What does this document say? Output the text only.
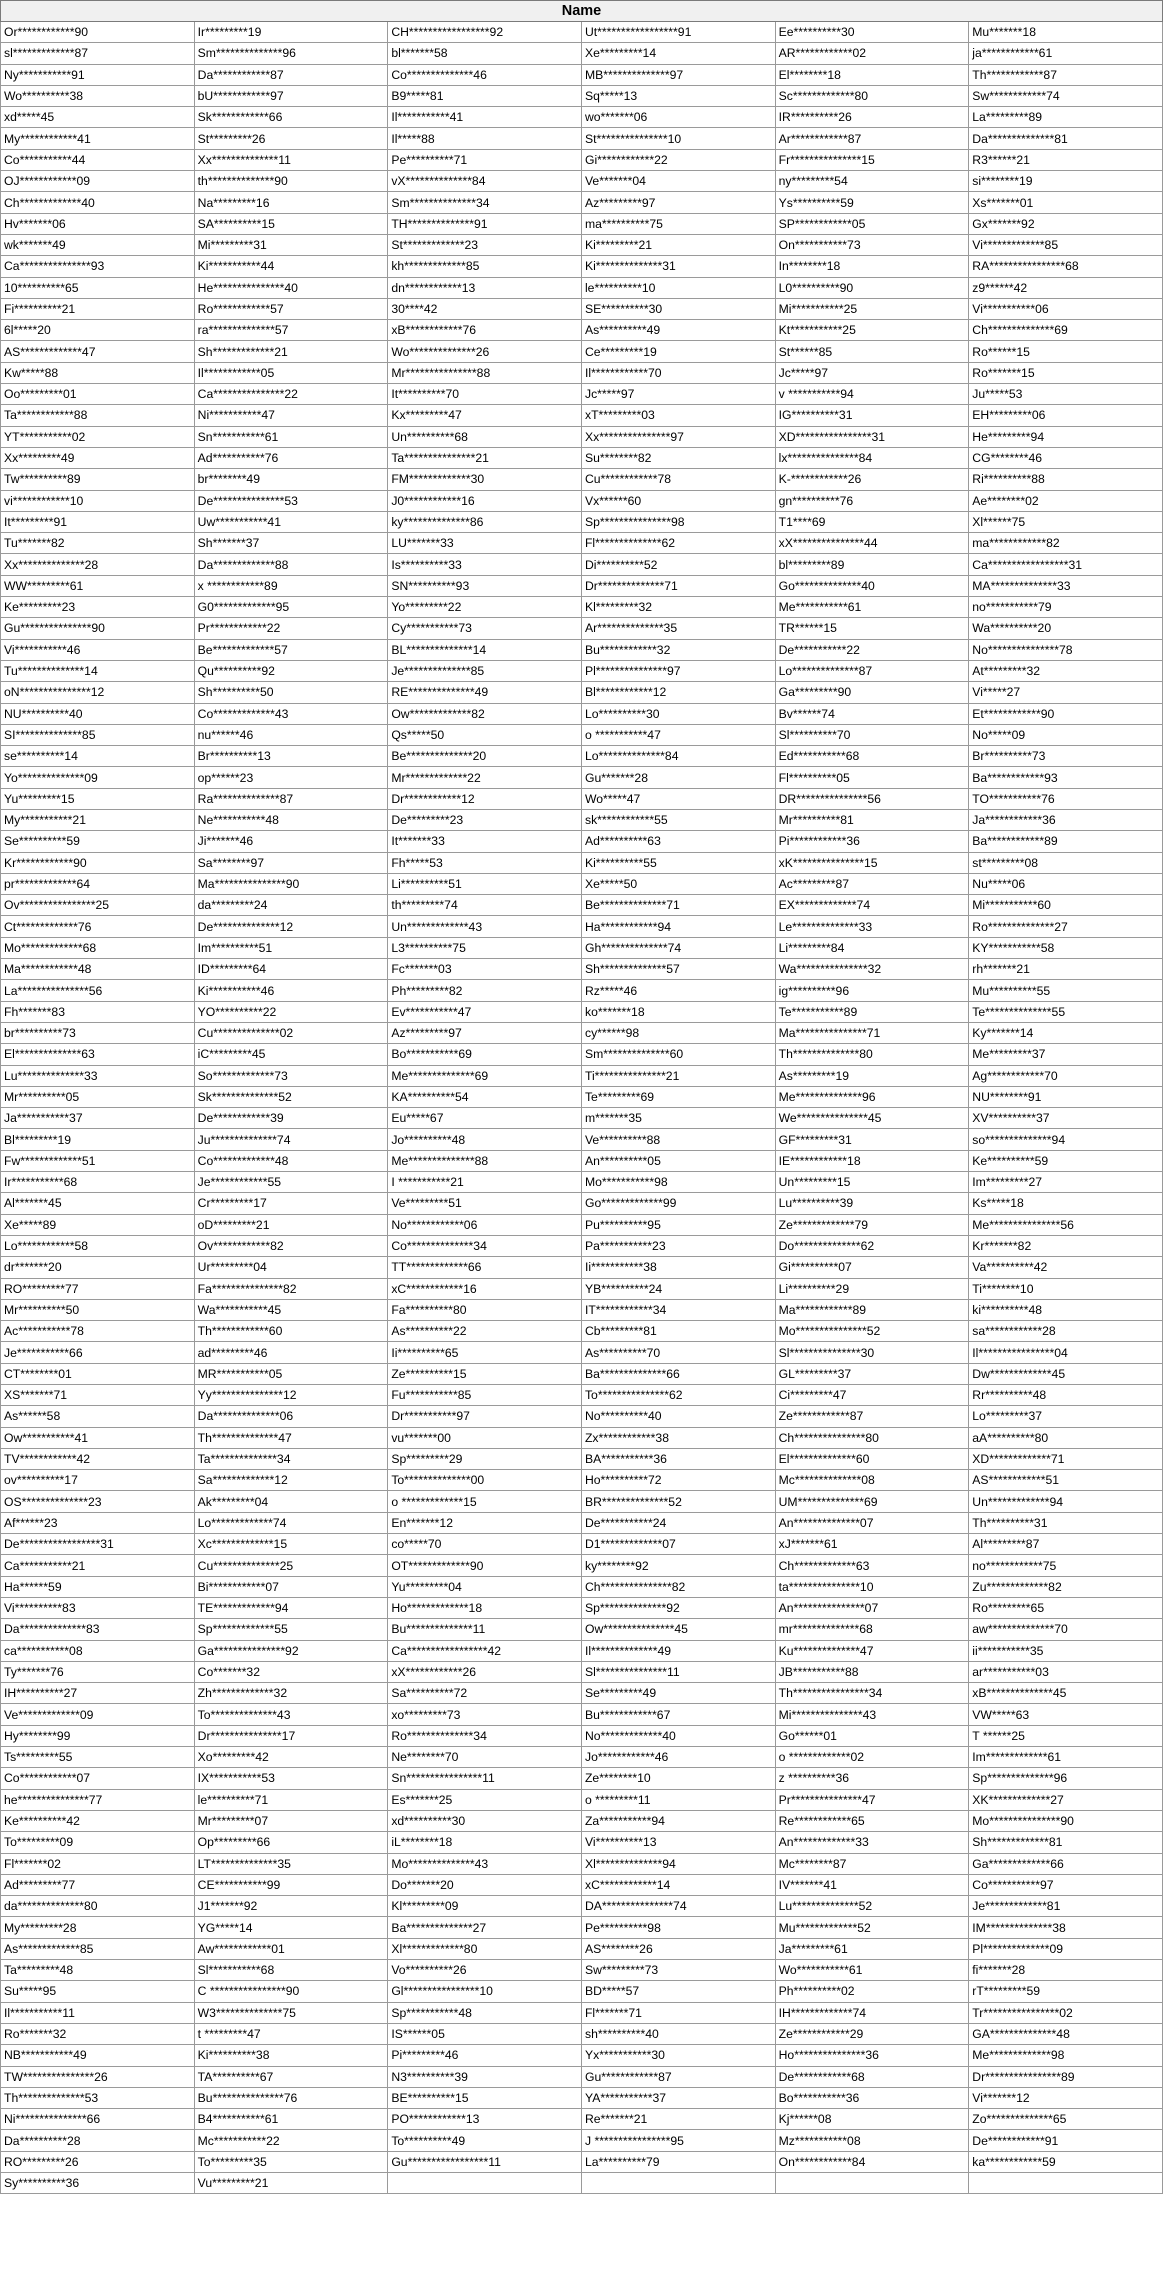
Name					
Or************90	Ir*********19	CH*****************92	Ut*****************91	Ee**********30	Mu*******18
sl*************87	Sm**************96	bl*******58	Xe*********14	AR************02	ja************61
Ny***********91	Da************87	Co**************46	MB**************97	El********18	Th************87
Wo**********38	bU************97	B9*****81	Sq*****13	Sc*************80	Sw************74
xd*****45	Sk************66	Il***********41	wo*******06	IR**********26	La*********89
My************41	St*********26	Il*****88	St***************10	Ar************87	Da**************81
Co***********44	Xx**************11	Pe**********71	Gi************22	Fr***************15	R3******21
OJ************09	th**************90	vX**************84	Ve*******04	ny*********54	si********19
Ch*************40	Na*********16	Sm**************34	Az*********97	Ys**********59	Xs*******01
Hv*******06	SA**********15	TH**************91	ma**********75	SP************05	Gx*******92
wk*******49	Mi*********31	St*************23	Ki*********21	On***********73	Vi*************85
Ca***************93	Ki***********44	kh*************85	Ki**************31	In********18	RA****************68
10**********65	He***************40	dn************13	le**********10	L0**********90	z9******42
Fi**********21	Ro************57	30****42	SE**********30	Mi***********25	Vi***********06
6l*****20	ra**************57	xB************76	As**********49	Kt***********25	Ch**************69
AS*************47	Sh*************21	Wo**************26	Ce*********19	St******85	Ro******15
Kw*****88	Il************05	Mr***************88	Il************70	Jc*****97	Ro*******15
Oo*********01	Ca***************22	It**********70	Jc*****97	v ***********94	Ju*****53
Ta************88	Ni***********47	Kx*********47	xT*********03	IG**********31	EH*********06
YT***********02	Sn***********61	Un**********68	Xx***************97	XD****************31	He*********94
Xx*********49	Ad***********76	Ta***************21	Su********82	lx***************84	CG********46
Tw**********89	br********49	FM*************30	Cu************78	K-************26	Ri**********88
vi************10	De***************53	J0************16	Vx******60	gn**********76	Ae********02
It*********91	Uw***********41	ky**************86	Sp***************98	T1****69	Xl******75
Tu*******82	Sh*******37	LU*******33	Fl**************62	xX***************44	ma************82
Xx**************28	Da*************88	Is**********33	Di**********52	bl*********89	Ca*****************31
WW*********61	x ************89	SN**********93	Dr**************71	Go**************40	MA**************33
Ke*********23	G0*************95	Yo*********22	Kl*********32	Me***********61	no***********79
Gu***************90	Pr************22	Cy***********73	Ar**************35	TR******15	Wa**********20
Vi***********46	Be*************57	BL**************14	Bu************32	De***********22	No***************78
Tu**************14	Qu**********92	Je**************85	Pl***************97	Lo**************87	At*********32
oN***************12	Sh**********50	RE**************49	Bl************12	Ga*********90	Vi*****27
NU**********40	Co*************43	Ow*************82	Lo**********30	Bv******74	Et************90
SI**************85	nu******46	Qs*****50	o ***********47	Sl**********70	No*****09
se**********14	Br**********13	Be**************20	Lo**************84	Ed***********68	Br**********73
Yo**************09	op******23	Mr*************22	Gu*******28	Fl**********05	Ba************93
Yu*********15	Ra**************87	Dr************12	Wo*****47	DR***************56	TO***********76
My***********21	Ne***********48	De*********23	sk************55	Mr**********81	Ja************36
Se**********59	Ji*******46	It*******33	Ad**********63	Pi************36	Ba************89
Kr************90	Sa********97	Fh*****53	Ki**********55	xK***************15	st*********08
pr*************64	Ma***************90	Li**********51	Xe*****50	Ac*********87	Nu*****06
Ov****************25	da*********24	th*********74	Be**************71	EX*************74	Mi***********60
Ct*************76	De**************12	Un*************43	Ha************94	Le**************33	Ro**************27
Mo*************68	Im**********51	L3**********75	Gh**************74	Li*********84	KY***********58
Ma************48	ID*********64	Fc*******03	Sh**************57	Wa***************32	rh*******21
La***************56	Ki***********46	Ph*********82	Rz*****46	ig**********96	Mu**********55
Fh*******83	YO**********22	Ev***********47	ko*******18	Te***********89	Te**************55
br**********73	Cu**************02	Az*********97	cy******98	Ma***************71	Ky*******14
El**************63	iC*********45	Bo***********69	Sm**************60	Th**************80	Me*********37
Lu**************33	So*************73	Me**************69	Ti***************21	As*********19	Ag************70
Mr**********05	Sk**************52	KA**********54	Te*********69	Me**************96	NU********91
Ja***********37	De************39	Eu*****67	m*******35	We***************45	XV**********37
Bl*********19	Ju**************74	Jo**********48	Ve**********88	GF*********31	so**************94
Fw*************51	Co*************48	Me**************88	An**********05	IE************18	Ke**********59
Ir***********68	Je************55	I ***********21	Mo***********98	Un*********15	Im*********27
Al*******45	Cr*********17	Ve*********51	Go*************99	Lu**********39	Ks*****18
Xe*****89	oD*********21	No************06	Pu**********95	Ze*************79	Me***************56
Lo************58	Ov************82	Co**************34	Pa***********23	Do**************62	Kr*******82
dr*******20	Ur*********04	TT*************66	Ii***********38	Gi**********07	Va**********42
RO*********77	Fa***************82	xC************16	YB**********24	Li**********29	Ti********10
Mr**********50	Wa***********45	Fa**********80	IT************34	Ma************89	ki**********48
Ac***********78	Th************60	As**********22	Cb*********81	Mo***************52	sa************28
Je***********66	ad*********46	Ii**********65	As**********70	Sl***************30	Il****************04
CT********01	MR***********05	Ze**********15	Ba**************66	GL*********37	Dw*************45
XS*******71	Yy***************12	Fu***********85	To***************62	Ci*********47	Rr**********48
As******58	Da**************06	Dr***********97	No**********40	Ze************87	Lo*********37
Ow***********41	Th**************47	vu*******00	Zx************38	Ch***************80	aA**********80
TV************42	Ta**************34	Sp*********29	BA***********36	El**************60	XD*************71
ov**********17	Sa*************12	To**************00	Ho**********72	Mc**************08	AS************51
OS**************23	Ak*********04	o *************15	BR**************52	UM**************69	Un*************94
Af******23	Lo*************74	En*******12	De***********24	An**************07	Th**********31
De*****************31	Xc*************15	co*****70	D1*************07	xJ*******61	Al*********87
Ca***********21	Cu**************25	OT*************90	ky********92	Ch*************63	no************75
Ha******59	Bi************07	Yu*********04	Ch***************82	ta***************10	Zu*************82
Vi**********83	TE*************94	Ho*************18	Sp**************92	An***************07	Ro*********65
Da**************83	Sp*************55	Bu**************11	Ow***************45	mr**************68	aw**************70
ca***********08	Ga***************92	Ca*****************42	Il**************49	Ku**************47	ii***********35
Ty*******76	Co*******32	xX************26	Sl***************11	JB***********88	ar***********03
IH**********27	Zh*************32	Sa**********72	Se*********49	Th****************34	xB**************45
Ve*************09	To**************43	xo*********73	Bu************67	Mi***************43	VW*****63
Hy********99	Dr***************17	Ro**************34	No*************40	Go******01	T ******25
Ts*********55	Xo*********42	Ne********70	Jo************46	o *************02	Im*************61
Co************07	IX***********53	Sn****************11	Ze********10	z **********36	Sp**************96
he***************77	le**********71	Es*******25	o *********11	Pr***************47	XK*************27
Ke**********42	Mr*********07	xd**********30	Za***********94	Re************65	Mo***************90
To*********09	Op*********66	iL********18	Vi**********13	An*************33	Sh*************81
Fl*******02	LT**************35	Mo**************43	Xl**************94	Mc********87	Ga*************66
Ad*********77	CE***********99	Do*******20	xC************14	IV*******41	Co***********97
da**************80	J1*******92	Kl*********09	DA***************74	Lu**************52	Je*************81
My*********28	YG*****14	Ba**************27	Pe**********98	Mu*************52	IM**************38
As*************85	Aw************01	Xl*************80	AS********26	Ja*********61	Pl**************09
Ta*********48	Sl***********68	Vo**********26	Sw*********73	Wo***********61	fi*******28
Su*****95	C ****************90	Gl****************10	BD*****57	Ph**********02	rT*********59
Il***********11	W3**************75	Sp***********48	Fl*******71	IH*************74	Tr****************02
Ro*******32	t *********47	IS******05	sh**********40	Ze************29	GA**************48
NB***********49	Ki**********38	Pi*********46	Yx***********30	Ho***************36	Me*************98
TW***************26	TA**********67	N3**********39	Gu************87	De************68	Dr****************89
Th**************53	Bu***************76	BE**********15	YA***********37	Bo***********36	Vi*******12
Ni***************66	B4***********61	PO************13	Re*******21	Kj******08	Zo**************65
Da**********28	Mc***********22	To**********49	J ****************95	Mz***********08	De************91
RO*********26	To*********35	Gu*****************11	La**********79	On************84	ka************59
Sy**********36	Vu*********21				
